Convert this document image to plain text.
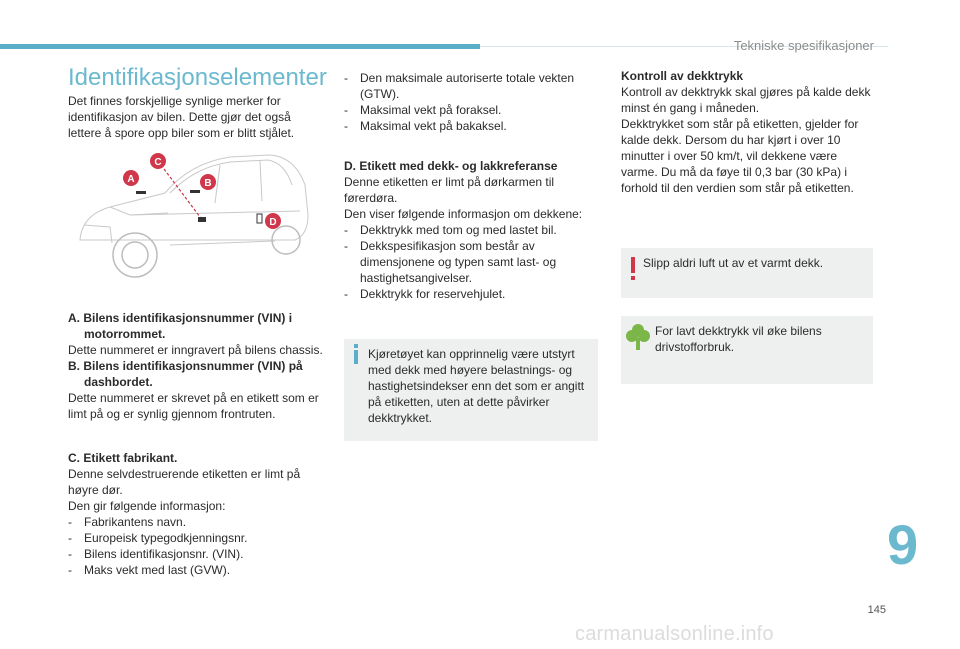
Tekniske spesifikasjoner
Identifikasjonselementer
Det finnes forskjellige synlige merker for identifikasjon av bilen. Dette gjør det også lettere å spore opp biler som er blitt stjålet.
A	B
C
D
A. Bilens identifikasjonsnummer (VIN) i motorrommet.
Dette nummeret er inngravert på bilens chassis.
B. Bilens identifikasjonsnummer (VIN) på dashbordet.
Dette nummeret er skrevet på en etikett som er limt på og er synlig gjennom frontruten.
C. Etikett fabrikant.
Denne selvdestruerende etiketten er limt på høyre dør.
Den gir følgende informasjon:
- Fabrikantens navn.
- Europeisk typegodkjenningsnr.
- Bilens identifikasjonsnr. (VIN).
- Maks vekt med last (GVW).
- Den maksimale autoriserte totale vekten (GTW).
- Maksimal vekt på foraksel.
- Maksimal vekt på bakaksel.
D. Etikett med dekk- og lakkreferanse
Denne etiketten er limt på dørkarmen til førerdøra.
Den viser følgende informasjon om dekkene:
- Dekktrykk med tom og med lastet bil.
- Dekkspesifikasjon som består av dimensjonene og typen samt last- og hastighetsangivelser.
- Dekktrykk for reservehjulet.
Kjøretøyet kan opprinnelig være utstyrt med dekk med høyere belastnings- og hastighetsindekser enn det som er angitt på etiketten, uten at dette påvirker dekktrykket.
Kontroll av dekktrykk
Kontroll av dekktrykk skal gjøres på kalde dekk minst én gang i måneden.
Dekktrykket som står på etiketten, gjelder for kalde dekk. Dersom du har kjørt i over 10 minutter i over 50 km/t, vil dekkene være varme. Du må da føye til 0,3 bar (30 kPa) i forhold til den verdien som står på etiketten.
Slipp aldri luft ut av et varmt dekk.
For lavt dekktrykk vil øke bilens drivstofforbruk.
9
145
carmanualsonline.info
